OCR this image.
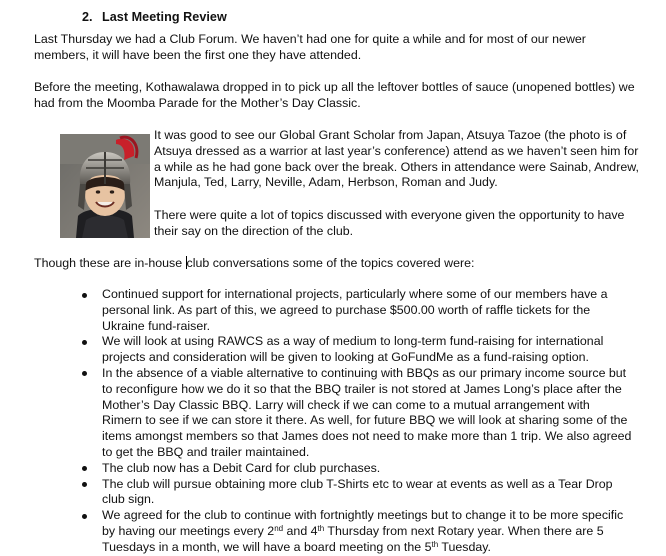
2. Last Meeting Review

Last Thursday we had a Club Forum. We haven’t had one for quite a while and for most of our newer members, it will have been the first one they have attended.

Before the meeting, Kothawalawa dropped in to pick up all the leftover bottles of sauce (unopened bottles) we had from the Moomba Parade for the Mother’s Day Classic.

It was good to see our Global Grant Scholar from Japan, Atsuya Tazoe (the photo is of Atsuya dressed as a warrior at last year’s conference) attend as we haven’t seen him for a while as he had gone back over the break. Others in attendance were Sainab, Andrew, Manjula, Ted, Larry, Neville, Adam, Herbson, Roman and Judy.

There were quite a lot of topics discussed with everyone given the opportunity to have their say on the direction of the club.

Though these are in-house club conversations some of the topics covered were:

Continued support for international projects, particularly where some of our members have a personal link. As part of this, we agreed to purchase $500.00 worth of raffle tickets for the Ukraine fund-raiser.
We will look at using RAWCS as a way of medium to long-term fund-raising for international projects and consideration will be given to looking at GoFundMe as a fund-raising option.
In the absence of a viable alternative to continuing with BBQs as our primary income source but to reconfigure how we do it so that the BBQ trailer is not stored at James Long’s place after the Mother’s Day Classic BBQ. Larry will check if we can come to a mutual arrangement with Rimern to see if we can store it there. As well, for future BBQ we will look at sharing some of the items amongst members so that James does not need to make more than 1 trip. We also agreed to get the BBQ and trailer maintained.
The club now has a Debit Card for club purchases.
The club will pursue obtaining more club T-Shirts etc to wear at events as well as a Tear Drop club sign.
We agreed for the club to continue with fortnightly meetings but to change it to be more specific by having our meetings every 2nd and 4th Thursday from next Rotary year. When there are 5 Tuesdays in a month, we will have a board meeting on the 5th Tuesday.
